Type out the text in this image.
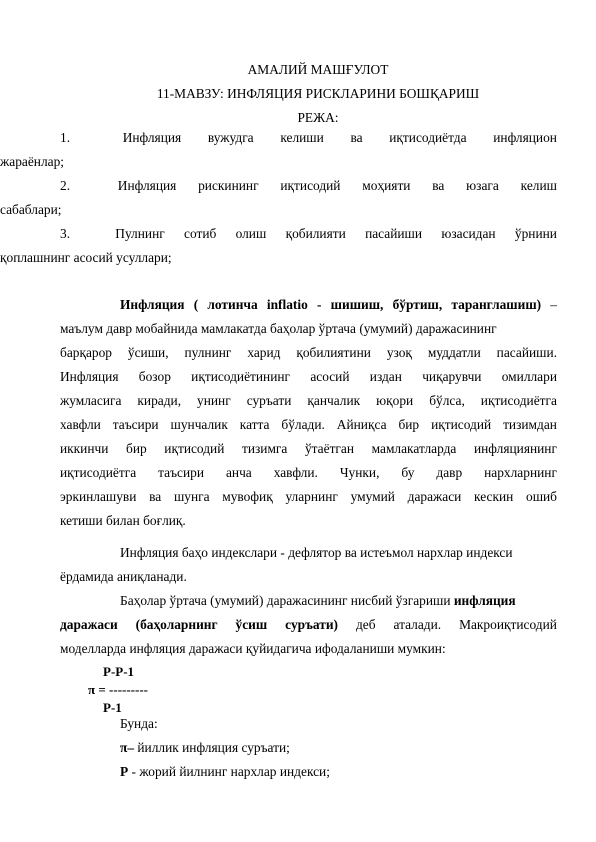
АМАЛИЙ МАШҒУЛОТ
11-МАВЗУ: ИНФЛЯЦИЯ РИСКЛАРИНИ БОШҚАРИШ
РЕЖА:
1.	Инфляция вужудга келиши ва иқтисодиётда инфляцион
жараёнлар;
2.	Инфляция рискининг иқтисодий моҳияти ва юзага келиш
сабаблари;
3.	Пулнинг сотиб олиш қобилияти пасайиши юзасидан ўрнини
қоплашнинг асосий усуллари;
Инфляция ( лотинча inflatio - шишиш, бўртиш, таранглашиш) –
маълум давр мобайнида мамлакатда баҳолар ўртача (умумий) даражасининг
барқарор ўсиши, пулнинг харид қобилиятини узоқ муддатли пасайиши.
Инфляция бозор иқтисодиётининг асосий издан чиқарувчи омиллари
жумласига киради, унинг суръати қанчалик юқори бўлса, иқтисодиётга
хавфли таъсири шунчалик катта бўлади. Айниқса бир иқтисодий тизимдан
иккинчи бир иқтисодий тизимга ўтаётган мамлакатларда инфляциянинг
иқтисодиётга таъсири анча хавфли. Чунки, бу давр нархларнинг
эркинлашуви ва шунга мувофиқ уларнинг умумий даражаси кескин ошиб
кетиши билан боғлиқ.
Инфляция баҳо индекслари - дефлятор ва истеъмол нархлар индекси
ёрдамида аниқланади.
Баҳолар ўртача (умумий) даражасининг нисбий ўзгариши инфляция
даражаси (баҳоларнинг ўсиш суръати) деб аталади. Макроиқтисодий
моделларда инфляция даражаси қуйидагича ифодаланиши мумкин:
Р-Р-1
π = ---------
Р-1
Бунда:
π– йиллик инфляция суръати;
Р - жорий йилнинг нархлар индекси;
